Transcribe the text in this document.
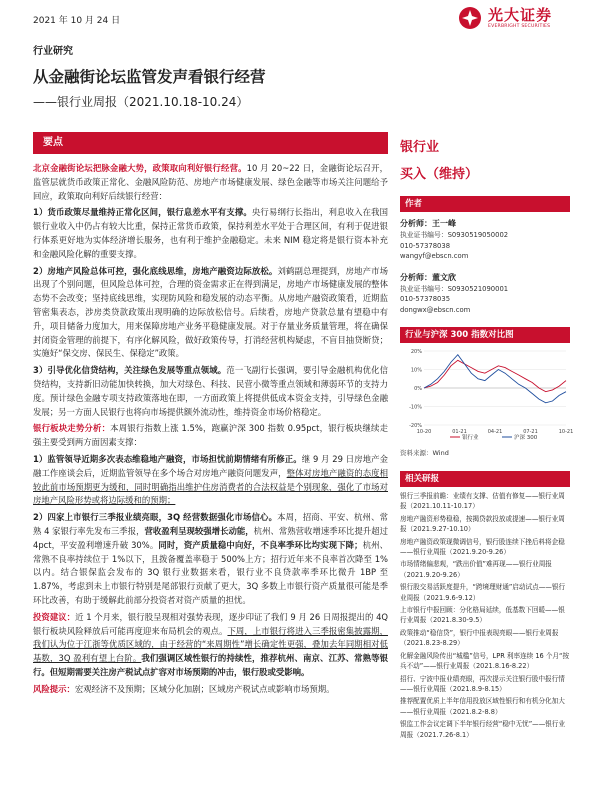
2021 年 10 月 24 日	光大证券
EVERBRIGHT SECURITIES
行业研究
从金融街论坛监管发声看银行经营
——银行业周报（2021.10.18-10.24）
要点

北京金融街论坛把脉金融大势，政策取向利好银行经营。10 月 20~22 日，金融街论坛召开，监管层就货币政策正常化、金融风险防范、房地产市场健康发展、绿色金融等市场关注问题给予回应，政策取向利好后续银行经营：

1）货币政策尽量维持正常化区间，银行息差水平有支撑。央行易纲行长指出，利息收入在我国银行业收入中仍占有较大比重，保持正常货币政策，保持利差水平处于合理区间，有利于促进银行体系更好地为实体经济增长服务，也有利于维护金融稳定。未来 NIM 稳定将是银行资本补充和金融风险化解的重要支撑。

2）房地产风险总体可控，强化底线思维，房地产融资边际放松。刘鹤副总理提到，房地产市场出现了个别问题，但风险总体可控，合理的资金需求正在得到满足，房地产市场健康发展的整体态势不会改变；坚持底线思维，实现防风险和稳发展的动态平衡。从房地产融资政策看，近期监管密集表态，涉房类贷款政策出现明确的边际放松信号。后续看，房地产贷款总量有望稳中有升，项目储备力度加大，用来保障房地产业务平稳健康发展。对于存量业务质量管理，将在确保封闭资金管理的前提下，有序化解风险，做好政策传导，打消经营机构疑虑，不盲目抽贷断贷；实施好“保交房、保民生、保稳定”政策。

3）引导优化信贷结构，关注绿色发展等重点领域。范一飞副行长强调，要引导金融机构优化信贷结构，支持新旧动能加快转换，加大对绿色、科技、民营小微等重点领域和薄弱环节的支持力度。预计绿色金融专项支持政策落地在即，一方面政策上将提供低成本资金支持，引导绿色金融发展；另一方面人民银行也将向市场提供额外流动性，维持资金市场价格稳定。

银行板块走势分析：本周银行指数上涨 1.5%，跑赢沪深 300 指数 0.95pct，银行板块继续走强主要受到两方面因素支撑：

1）监管领导近期多次表态维稳地产融资，市场担忧前期情绪有所修正。继 9 月 29 日房地产金融工作座谈会后，近期监管领导在多个场合对房地产融资问题发声，整体对房地产融资的态度相较此前市场预期更为缓和，同时明确指出维护住房消费者的合法权益是个别现象，强化了市场对房地产风险形势或将边际缓和的预期；

2）四家上市银行三季报业绩亮眼，3Q 经营数据强化市场信心。本周，招商、平安、杭州、常熟 4 家银行率先发布三季报，营收盈利呈现较强增长动能，杭州、常熟营收增速季环比提升超过 4pct，平安盈利增速升破 30%。同时，资产质量稳中向好，不良率季环比均实现下降；杭州、常熟不良率持续位于 1%以下，且拨备覆盖率稳于 500%上方；招行近年来不良率首次降至 1%以内。结合银保监会发布的 3Q 银行业数据来看，银行业不良贷款率季环比微升 1BP 至 1.87%，考虑到未上市银行特别是尾部银行贡献了更大，3Q 多数上市银行资产质量很可能是季环比改善，有助于缓解此前部分投资者对资产质量的担忧。

投资建议：近 1 个月来，银行股呈现相对强势表现，逐步印证了我们 9 月 26 日周报提出的 4Q 银行板块风险释放后可能再度迎来布局机会的观点。下周，上市银行将进入三季报密集披露期，我们认为位于江浙等优质区域的，由于经营的“来周期性”增长确定性更强，叠加去年同期相对低基数，3Q 盈利有望上台阶。我们强调区域性银行的持续性，推荐杭州、南京、江苏、常熟等银行。但短期需要关注房产税试点扩容对市场预期的冲击，银行股或受影响。

风险提示：宏观经济不及预期；区域分化加剧；区域房产税试点或影响市场预期。

银行业
买入（维持）
作者
分析师：王一峰
执业证书编号：S0930519050002
010-57378038
wangyf@ebscn.com
分析师：董文欣
执业证书编号：S0930521090001
010-57378035
dongwx@ebscn.com
行业与沪深 300 指数对比图
-20%
-10%
0%
10%
20%
10-20	01-21	04-21	07-21	10-21
银行业	沪深 300
资料来源：Wind
相关研报
银行三季报前瞻：业绩有支撑、估值有修复——银行业周报（2021.10.11-10.17）
房地产融资形势稳稳，按揭贷款投放或提速——银行业周报（2021.9.27-10.10）
房地产融资政策现微调信号，银行股连续下挫后料将企稳——银行业周报（2021.9.20-9.26）
市场情绪偏悲观，“跌出价值”难再现——银行业周报（2021.9.20-9.26）
银行股交易活跃度提升，“跨境理财通”启动试点——银行业周报（2021.9.6-9.12）
上市银行中报回顾：分化格局延续，低基数下回暖——银行业周报（2021.8.30-9.5）
政策推动“稳信贷”，银行中报表现亮眼——银行业周报（2021.8.23-8.29）
化解金融风险传出“城槛”信号，LPR 利率连续 16 个月“按兵不动”——银行业周报（2021.8.16-8.22）
招行、宁波中报业绩亮眼，再次提示关注银行股中报行情——银行业周报（2021.8.9-8.15）
推荐配置优质上半年信用投放区域性银行和有机分化加大——银行业周报（2021.8.2-8.8）
银监工作会议定调下半年银行经营“稳中无忧”——银行业周报（2021.7.26-8.1）
